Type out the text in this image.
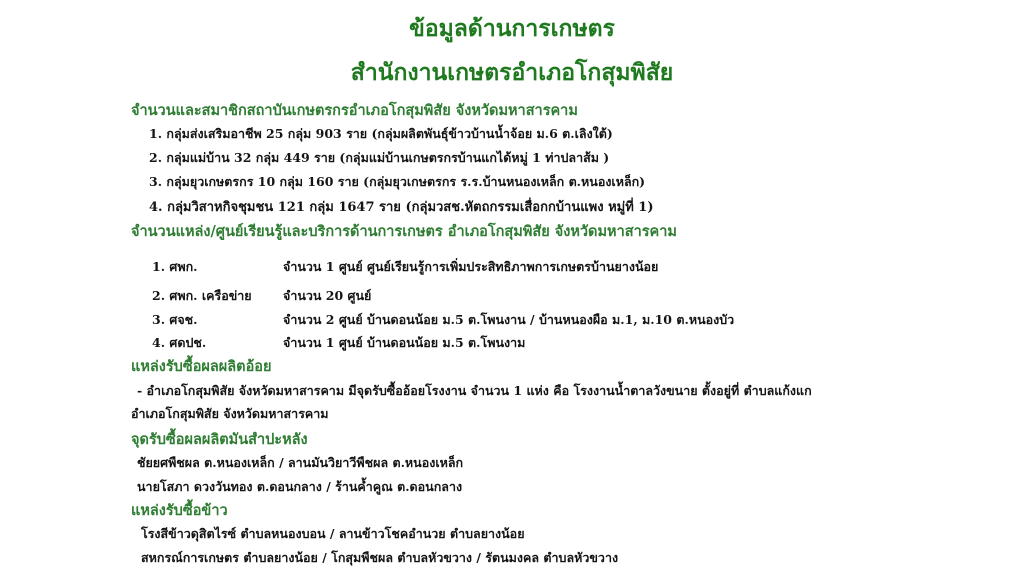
ข้อมูลด้านการเกษตร
สำนักงานเกษตรอำเภอโกสุมพิสัย
จำนวนและสมาชิกสถาบันเกษตรกรอำเภอโกสุมพิสัย จังหวัดมหาสารคาม
1. กลุ่มส่งเสริมอาชีพ 25 กลุ่ม 903 ราย (กลุ่มผลิตพันธุ์ข้าวบ้านน้ำจ้อย ม.6 ต.เลิงใต้)
2. กลุ่มแม่บ้าน 32 กลุ่ม 449 ราย (กลุ่มแม่บ้านเกษตรกรบ้านแกได้หมู่ 1 ท่าปลาส้ม )
3. กลุ่มยุวเกษตรกร 10 กลุ่ม 160 ราย (กลุ่มยุวเกษตรกร ร.ร.บ้านหนองเหล็ก ต.หนองเหล็ก)
4. กลุ่มวิสาหกิจชุมชน 121 กลุ่ม 1647 ราย (กลุ่มวสช.หัตถกรรมเสื่อกกบ้านแพง หมู่ที่ 1)
จำนวนแหล่ง/ศูนย์เรียนรู้และบริการด้านการเกษตร อำเภอโกสุมพิสัย จังหวัดมหาสารคาม
1. ศพก.	จำนวน 1 ศูนย์ ศูนย์เรียนรู้การเพิ่มประสิทธิภาพการเกษตรบ้านยางน้อย
2. ศพก. เครือข่าย	จำนวน 20 ศูนย์
3. ศจช.	จำนวน 2 ศูนย์ บ้านดอนน้อย ม.5 ต.โพนงาน / บ้านหนองผือ ม.1, ม.10 ต.หนองบัว
4. ศดปช.	จำนวน 1 ศูนย์ บ้านดอนน้อย ม.5 ต.โพนงาม
แหล่งรับซื้อผลผลิตอ้อย
- อำเภอโกสุมพิสัย จังหวัดมหาสารคาม มีจุดรับซื้ออ้อยโรงงาน จำนวน 1 แห่ง คือ โรงงานน้ำตาลวังขนาย ตั้งอยู่ที่ ตำบลแก้งแก
อำเภอโกสุมพิสัย จังหวัดมหาสารคาม
จุดรับซื้อผลผลิตมันสำปะหลัง
ชัยยศพืชผล ต.หนองเหล็ก / ลานมันวิยาวีพืชผล ต.หนองเหล็ก
นายโสภา ดวงวันทอง ต.ดอนกลาง / ร้านค้ำคูณ ต.ดอนกลาง
แหล่งรับซื้อข้าว
โรงสีข้าวดุสิตไรซ์ ตำบลหนองบอน / ลานข้าวโชคอำนวย ตำบลยางน้อย
สหกรณ์การเกษตร ตำบลยางน้อย / โกสุมพืชผล ตำบลหัวขวาง / รัตนมงคล ตำบลหัวขวาง
